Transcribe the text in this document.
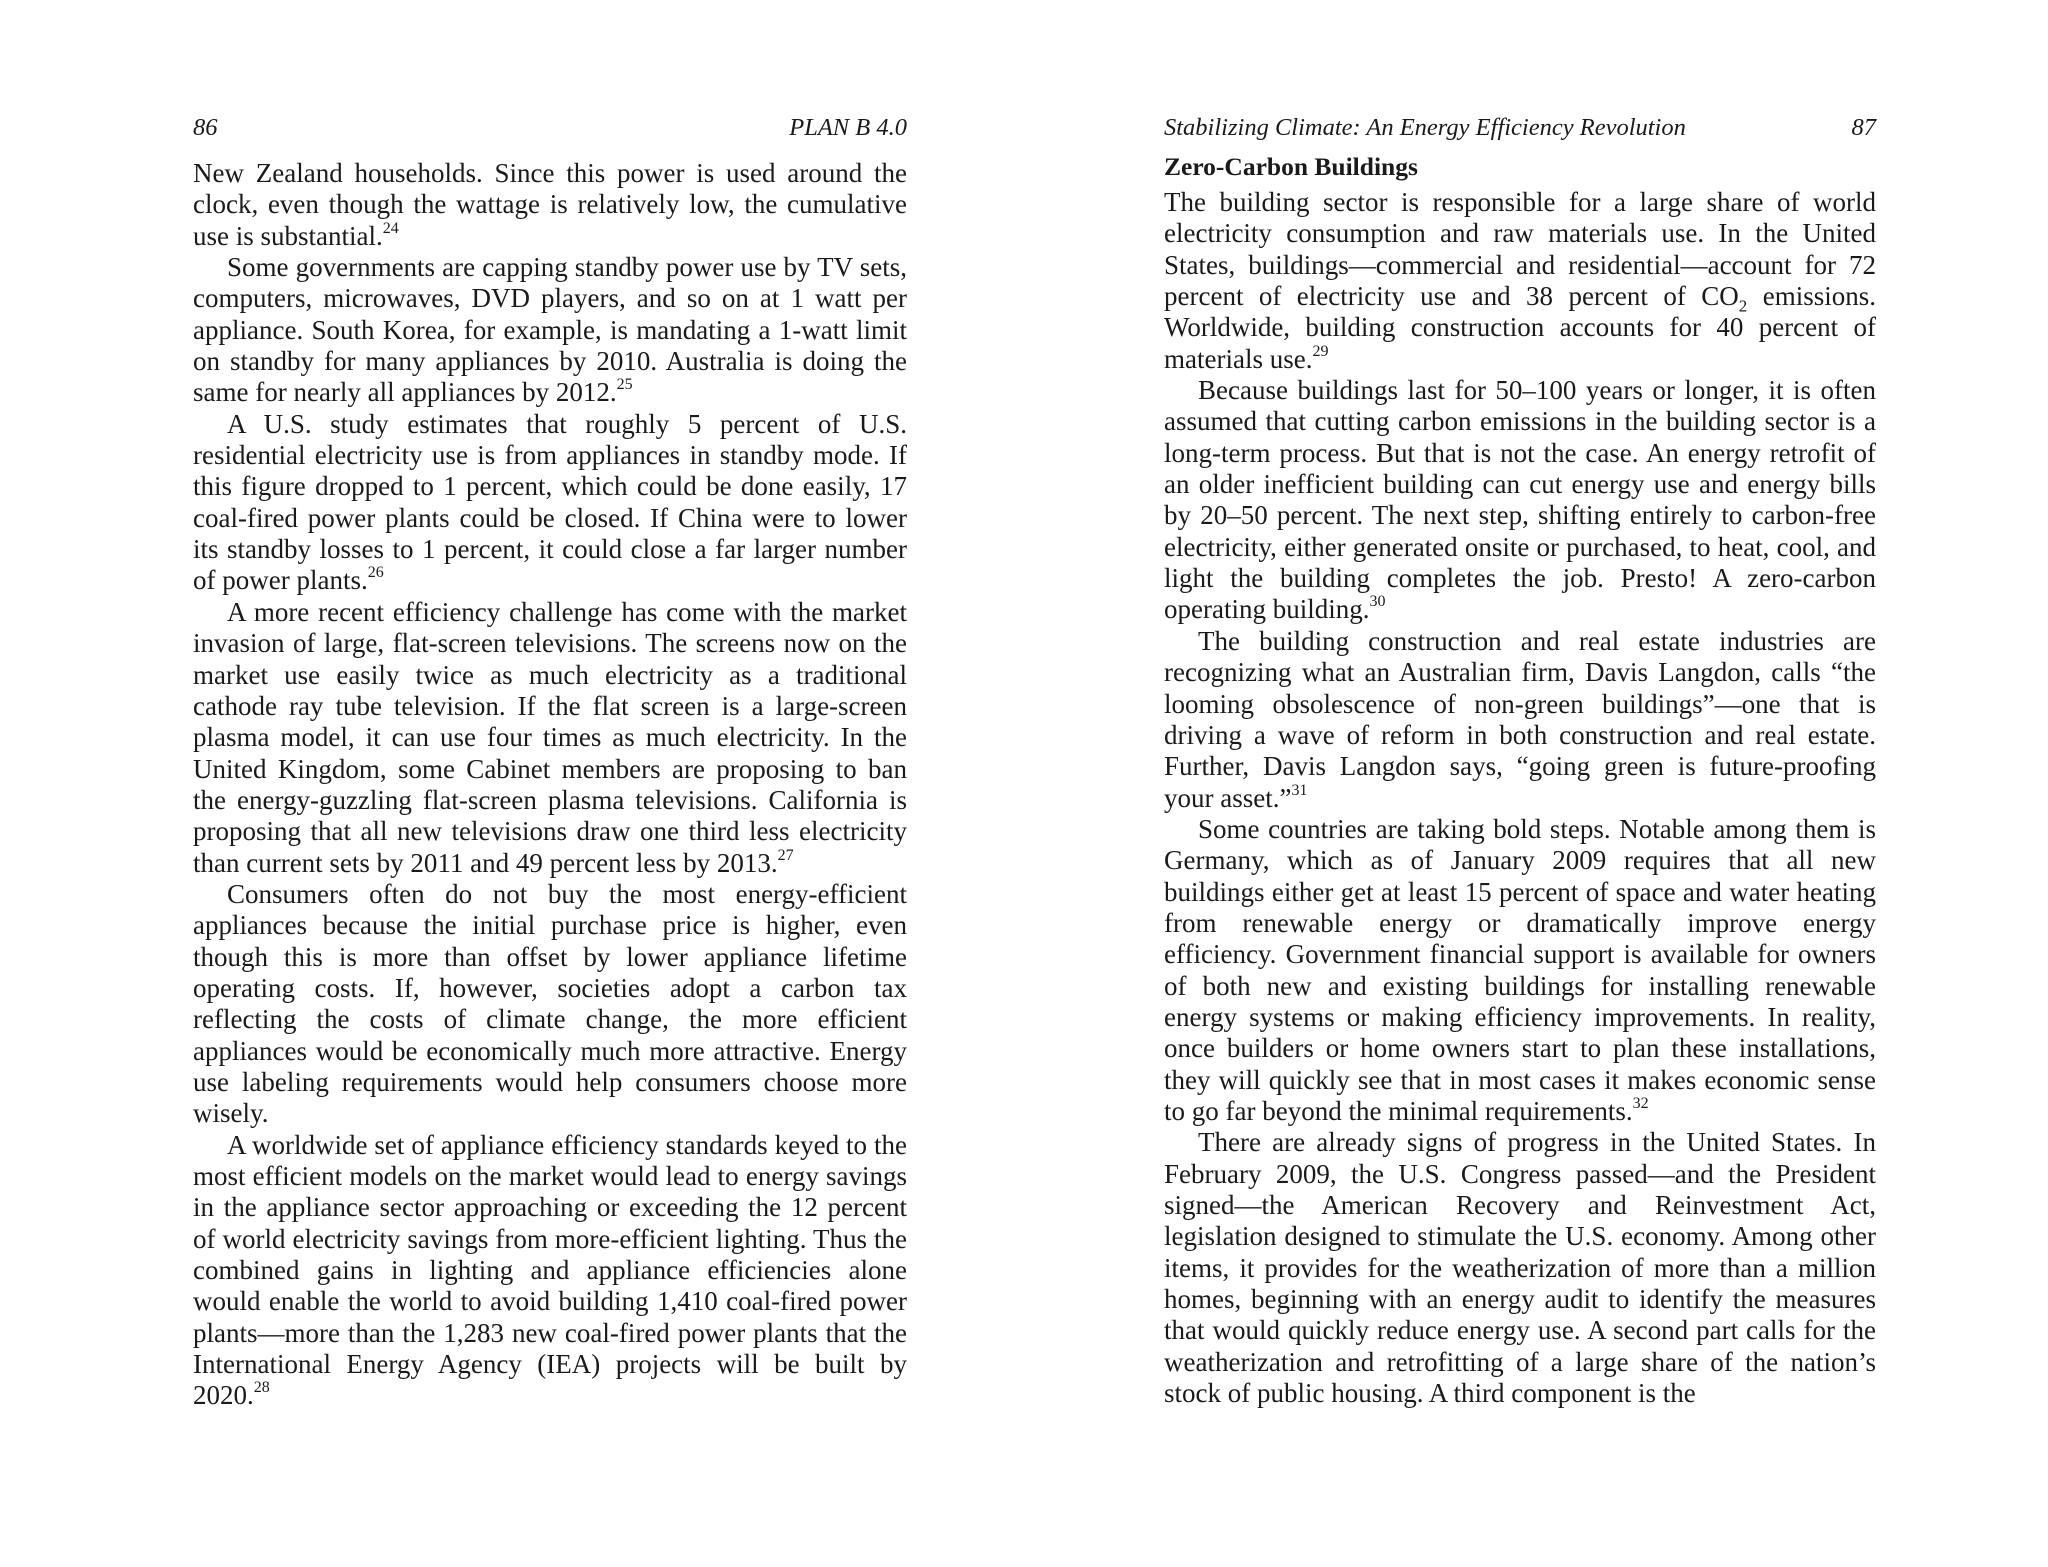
86	PLAN B 4.0

New Zealand households. Since this power is used around the clock, even though the wattage is relatively low, the cumulative use is substantial.$^{24}$

Some governments are capping standby power use by TV sets, computers, microwaves, DVD players, and so on at 1 watt per appliance. South Korea, for example, is mandating a 1-watt limit on standby for many appliances by 2010. Australia is doing the same for nearly all appliances by 2012.25

A U.S. study estimates that roughly 5 percent of U.S. residential electricity use is from appliances in standby mode. If this figure dropped to 1 percent, which could be done easily, 17 coal-fired power plants could be closed. If China were to lower its standby losses to 1 percent, it could close a far larger number of power plants.$^{26}$

A more recent efficiency challenge has come with the market invasion of large, flat-screen televisions. The screens now on the market use easily twice as much electricity as a traditional cathode ray tube television. If the flat screen is a large-screen plasma model, it can use four times as much electricity. In the United Kingdom, some Cabinet members are proposing to ban the energy-guzzling flat-screen plasma televisions. California is proposing that all new televisions draw one third less electricity than current sets by 2011 and 49 percent less by 2013.27

Consumers often do not buy the most energy-efficient appliances because the initial purchase price is higher, even though this is more than offset by lower appliance lifetime operating costs. If, however, societies adopt a carbon tax reflecting the costs of climate change, the more efficient appliances would be economically much more attractive. Energy use labeling requirements would help consumers choose more wisely.

A worldwide set of appliance efficiency standards keyed to the most efficient models on the market would lead to energy savings in the appliance sector approaching or exceeding the 12 percent of world electricity savings from more-efficient lighting. Thus the combined gains in lighting and appliance efficiencies alone would enable the world to avoid building 1,410 coal-fired power plants—more than the 1,283 new coal-fired power plants that the International Energy Agency (IEA) projects will be built by 2020.28

Stabilizing Climate: An Energy Efficiency Revolution	87
Zero-Carbon Buildings

The building sector is responsible for a large share of world electricity consumption and raw materials use. In the United States, buildings—commercial and residential—account for 72 percent of electricity use and 38 percent of $CO_2$ emissions. Worldwide, building construction accounts for 40 percent of materials use.$^{29}$

Because buildings last for 50–100 years or longer, it is often assumed that cutting carbon emissions in the building sector is a long-term process. But that is not the case. An energy retrofit of an older inefficient building can cut energy use and energy bills by 20–50 percent. The next step, shifting entirely to carbon-free electricity, either generated onsite or purchased, to heat, cool, and light the building completes the job. Presto! A zero-carbon operating building.$^{30}$

The building construction and real estate industries are recognizing what an Australian firm, Davis Langdon, calls “the looming obsolescence of non-green buildings”—one that is driving a wave of reform in both construction and real estate. Further, Davis Langdon says, “going green is future-proofing your asset.”$^{31}$

Some countries are taking bold steps. Notable among them is Germany, which as of January 2009 requires that all new buildings either get at least 15 percent of space and water heating from renewable energy or dramatically improve energy efficiency. Government financial support is available for owners of both new and existing buildings for installing renewable energy systems or making efficiency improvements. In reality, once builders or home owners start to plan these installations, they will quickly see that in most cases it makes economic sense to go far beyond the minimal requirements.$^{32}$

There are already signs of progress in the United States. In February 2009, the U.S. Congress passed—and the President signed—the American Recovery and Reinvestment Act, legislation designed to stimulate the U.S. economy. Among other items, it provides for the weatherization of more than a million homes, beginning with an energy audit to identify the measures that would quickly reduce energy use. A second part calls for the weatherization and retrofitting of a large share of the nation’s stock of public housing. A third component is the
